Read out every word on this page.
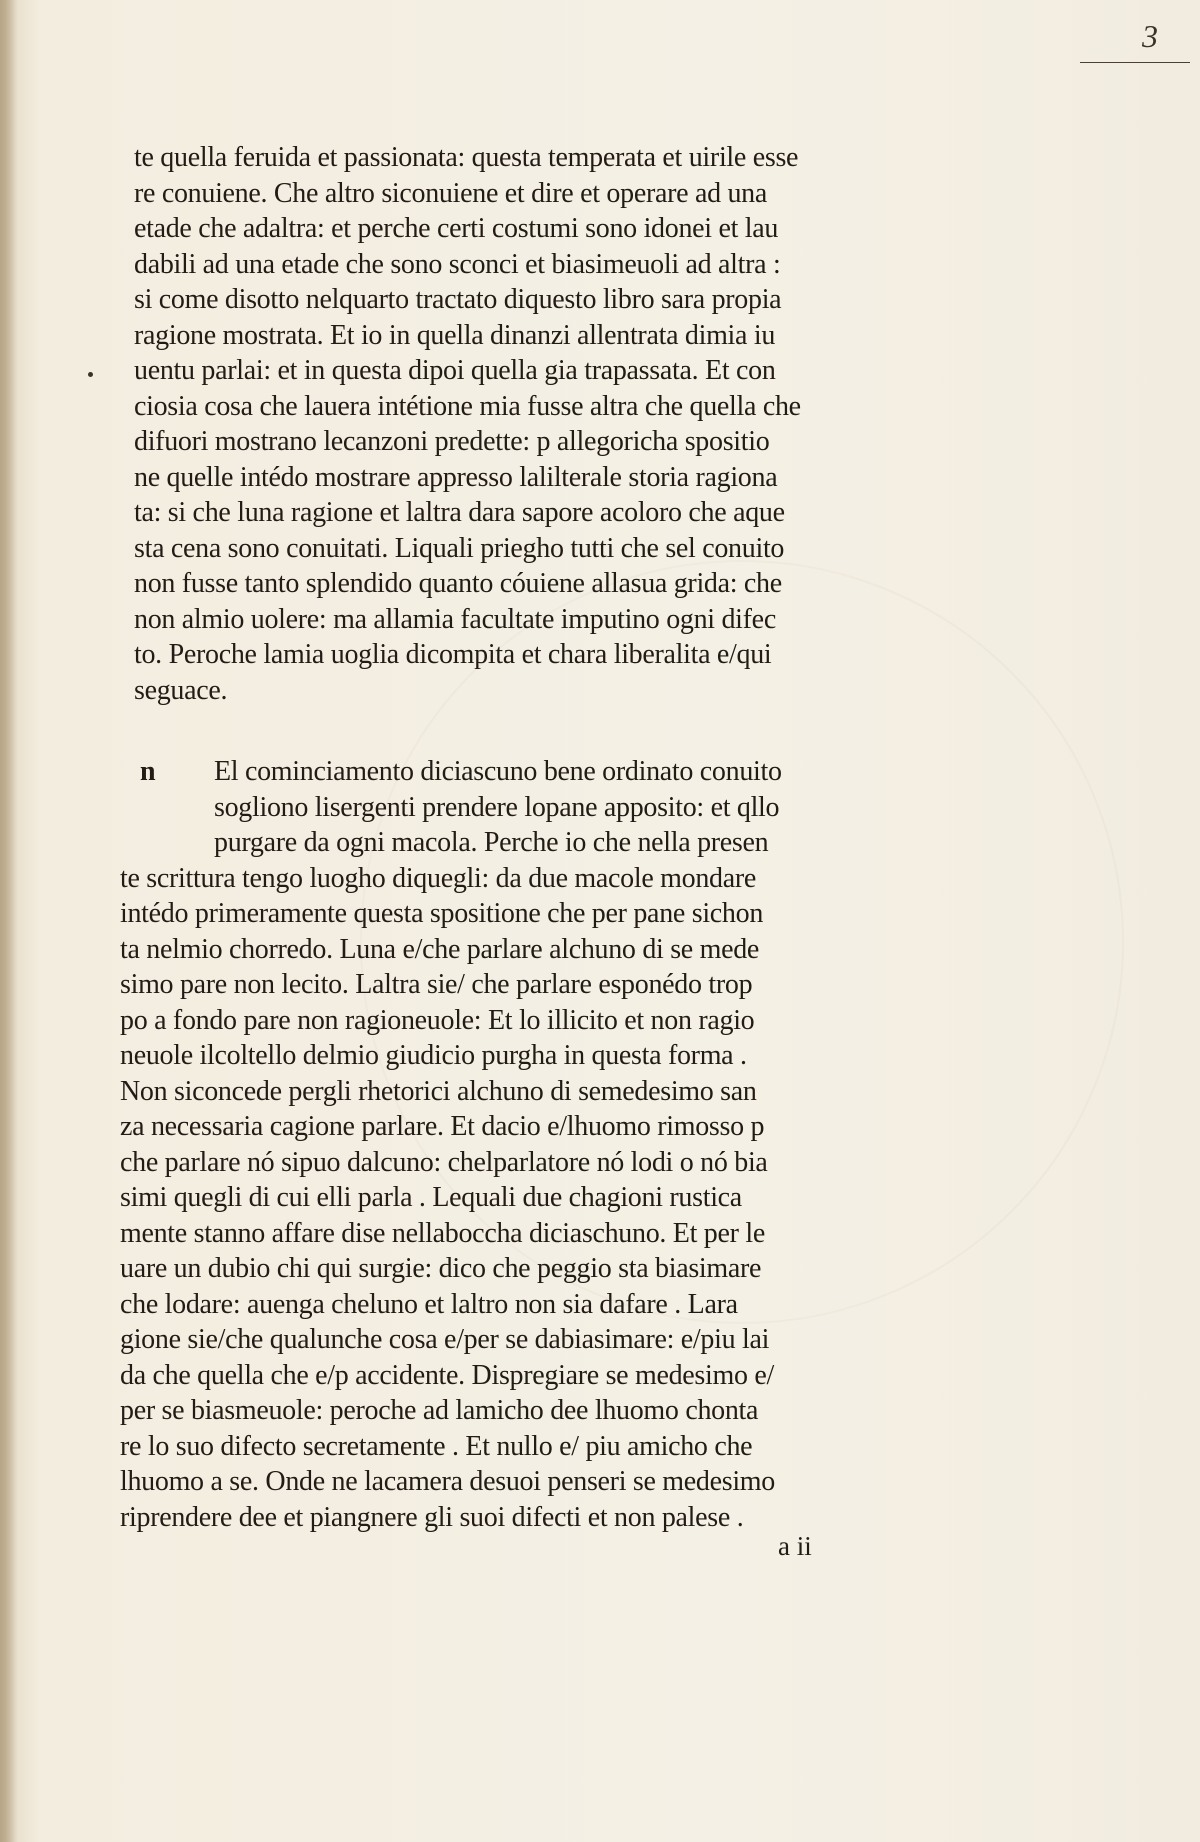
3
te quella feruida et passionata: questa temperata et uirile esse
re conuiene. Che altro siconuiene et dire et operare ad una
etade che adaltra: et perche certi costumi sono idonei et lau
dabili ad una etade che sono sconci et biasimeuoli ad altra :
si come disotto nelquarto tractato diquesto libro sara propia
ragione mostrata. Et io in quella dinanzi allentrata dimia iu
uentu parlai: et in questa dipoi quella gia trapassata. Et con
ciosia cosa che lauera intétione mia fusse altra che quella che
difuori mostrano lecanzoni predette: p allegoricha spositio
ne quelle intédo mostrare appresso lalilterale storia ragiona
ta: si che luna ragione et laltra dara sapore acoloro che aque
sta cena sono conuitati. Liquali priegho tutti che sel conuito
non fusse tanto splendido quanto cóuiene allasua grida: che
non almio uolere: ma allamia facultate imputino ogni difec
to. Peroche lamia uoglia dicompita et chara liberalita e/qui
seguace.
n	El cominciamento diciascuno bene ordinato conuito
sogliono lisergenti prendere lopane apposito: et qllo
purgare da ogni macola. Perche io che nella presen
te scrittura tengo luogho diquegli: da due macole mondare
intédo primeramente questa spositione che per pane sichon
ta nelmio chorredo. Luna e/che parlare alchuno di se mede
simo pare non lecito. Laltra sie/ che parlare esponédo trop
po a fondo pare non ragioneuole: Et lo illicito et non ragio
neuole ilcoltello delmio giudicio purgha in questa forma .
Non siconcede pergli rhetorici alchuno di semedesimo san
za necessaria cagione parlare. Et dacio e/lhuomo rimosso p
che parlare nó sipuo dalcuno: chelparlatore nó lodi o nó bia
simi quegli di cui elli parla . Lequali due chagioni rustica
mente stanno affare dise nellaboccha diciaschuno. Et per le
uare un dubio chi qui surgie: dico che peggio sta biasimare
che lodare: auenga cheluno et laltro non sia dafare . Lara
gione sie/che qualunche cosa e/per se dabiasimare: e/piu lai
da che quella che e/p accidente. Dispregiare se medesimo e/
per se biasmeuole: peroche ad lamicho dee lhuomo chonta
re lo suo difecto secretamente . Et nullo e/ piu amicho che
lhuomo a se. Onde ne lacamera desuoi penseri se medesimo
riprendere dee et piangnere gli suoi difecti et non palese .
a ii
